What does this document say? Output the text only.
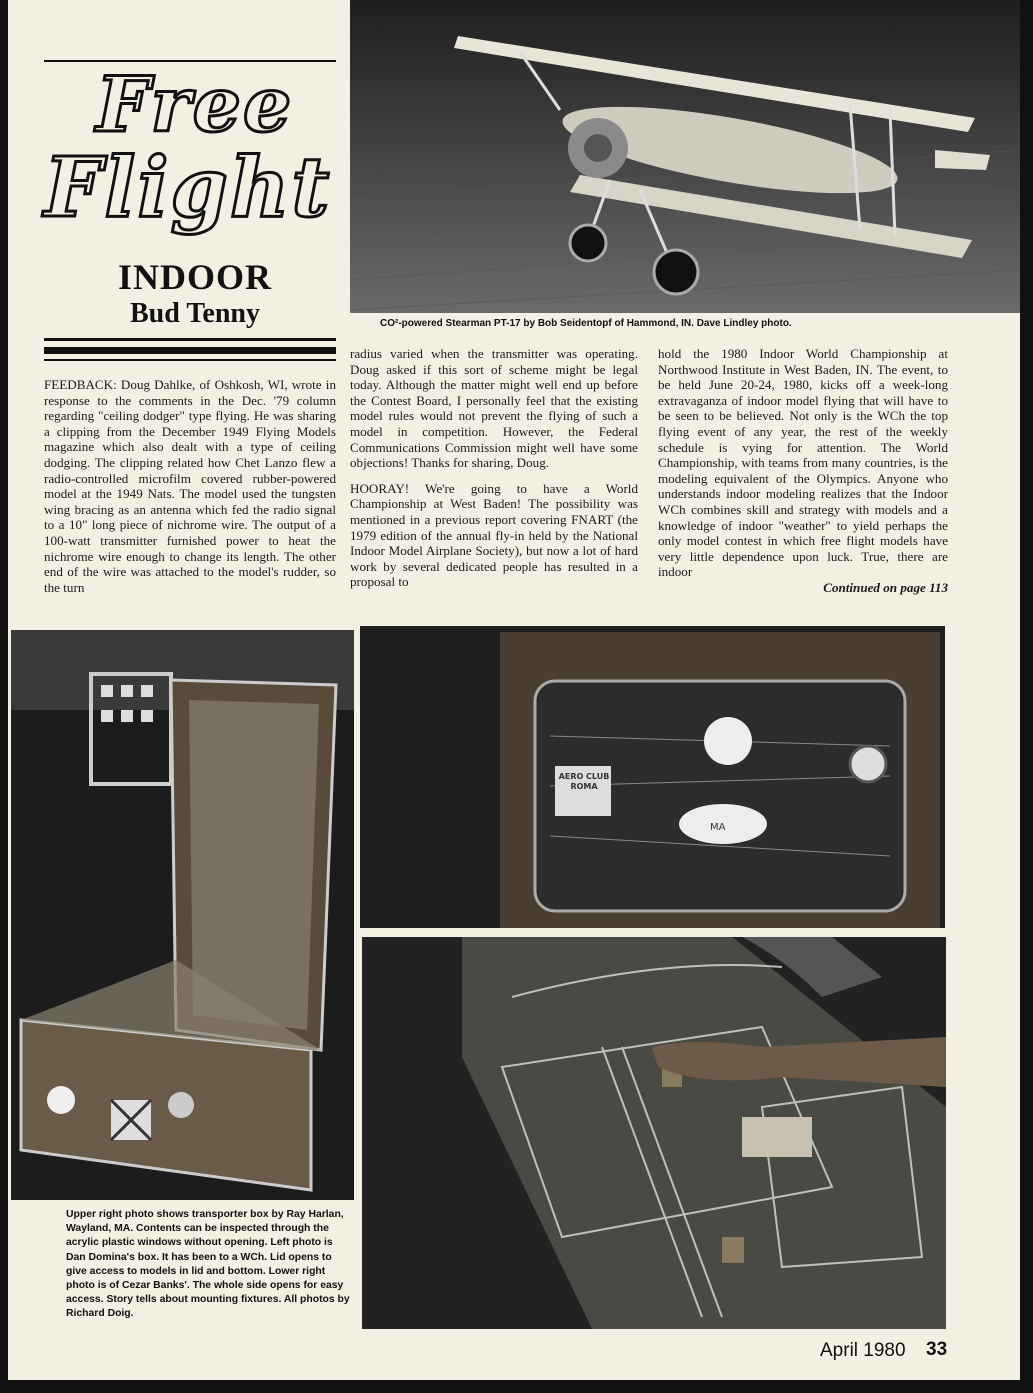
Free
Flight
INDOOR
Bud Tenny	CO²-powered Stearman PT-17 by Bob Seidentopf of Hammond, IN. Dave Lindley photo.

FEEDBACK: Doug Dahlke, of Oshkosh, WI, wrote in response to the comments in the Dec. '79 column regarding "ceiling dodger" type flying. He was sharing a clipping from the December 1949 Flying Models magazine which also dealt with a type of ceiling dodging. The clipping related how Chet Lanzo flew a radio-controlled microfilm covered rubber-powered model at the 1949 Nats. The model used the tungsten wing bracing as an antenna which fed the radio signal to a 10" long piece of nichrome wire. The output of a 100-watt transmitter furnished power to heat the nichrome wire enough to change its length. The other end of the wire was attached to the model's rudder, so the turn

radius varied when the transmitter was operating. Doug asked if this sort of scheme might be legal today. Although the matter might well end up before the Contest Board, I personally feel that the existing model rules would not prevent the flying of such a model in competition. However, the Federal Communications Commission might well have some objections! Thanks for sharing, Doug.

HOORAY! We're going to have a World Championship at West Baden! The possibility was mentioned in a previous report covering FNART (the 1979 edition of the annual fly-in held by the National Indoor Model Airplane Society), but now a lot of hard work by several dedicated people has resulted in a proposal to

hold the 1980 Indoor World Championship at Northwood Institute in West Baden, IN. The event, to be held June 20-24, 1980, kicks off a week-long extravaganza of indoor model flying that will have to be seen to be believed. Not only is the WCh the top flying event of any year, the rest of the weekly schedule is vying for attention. The World Championship, with teams from many countries, is the modeling equivalent of the Olympics. Anyone who understands indoor modeling realizes that the Indoor WCh combines skill and strategy with models and a knowledge of indoor "weather" to yield perhaps the only model contest in which free flight models have very little dependence upon luck. True, there are indoor

Continued on page 113
MA
AERO CLUB ROMA
Upper right photo shows transporter box by Ray Harlan, Wayland, MA. Contents can be inspected through the acrylic plastic windows without opening. Left photo is Dan Domina's box. It has been to a WCh. Lid opens to give access to models in lid and bottom. Lower right photo is of Cezar Banks'. The whole side opens for easy access. Story tells about mounting fixtures. All photos by Richard Doig.
April 1980 33
